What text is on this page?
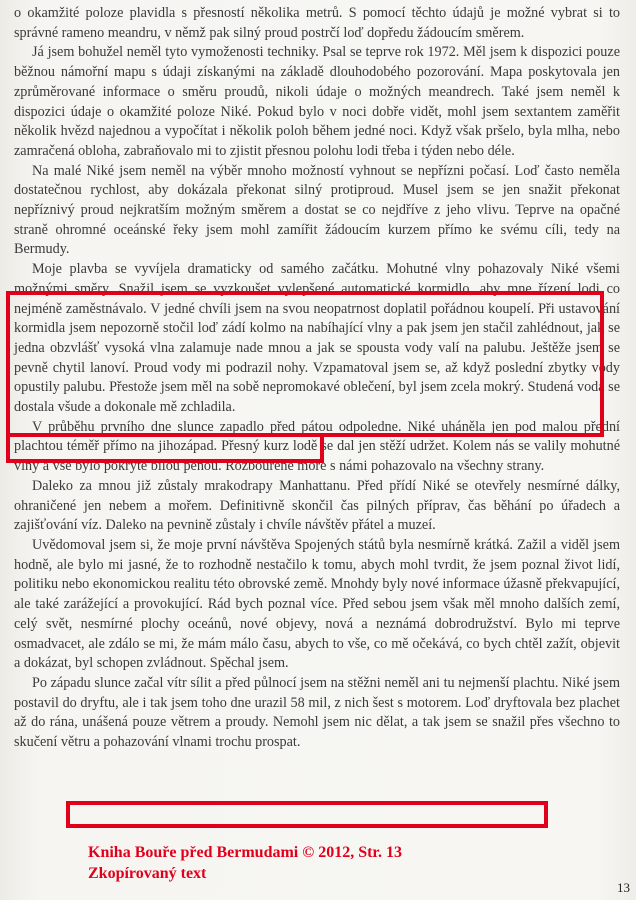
o okamžité poloze plavidla s přesností několika metrů. S pomocí těchto údajů je možné vybrat si to správné rameno meandru, v němž pak silný proud postrčí loď dopředu žádoucím směrem.

Já jsem bohužel neměl tyto vymoženosti techniky. Psal se teprve rok 1972. Měl jsem k dispozici pouze běžnou námořní mapu s údaji získanými na základě dlouhodobého pozorování. Mapa poskytovala jen zprůměrované informace o směru proudů, nikoli údaje o možných meandrech. Také jsem neměl k dispozici údaje o okamžité poloze Niké. Pokud bylo v noci dobře vidět, mohl jsem sextantem zaměřit několik hvězd najednou a vypočítat i několik poloh během jedné noci. Když však pršelo, byla mlha, nebo zamračená obloha, zabraňovalo mi to zjistit přesnou polohu lodi třeba i týden nebo déle.

Na malé Niké jsem neměl na výběr mnoho možností vyhnout se nepřízni počasí. Loď často neměla dostatečnou rychlost, aby dokázala překonat silný protiproud. Musel jsem se jen snažit překonat nepříznivý proud nejkratším možným směrem a dostat se co nejdříve z jeho vlivu. Teprve na opačné straně ohromné oceánské řeky jsem mohl zamířit žádoucím kurzem přímo ke svému cíli, tedy na Bermudy.

Moje plavba se vyvíjela dramaticky od samého začátku. Mohutné vlny pohazovaly Niké všemi možnými směry. Snažil jsem se vyzkoušet vylepšené automatické kormidlo, aby mne řízení lodi co nejméně zaměstnávalo. V jedné chvíli jsem na svou neopatrnost doplatil pořádnou koupelí. Při ustavování kormidla jsem nepozorně stočil loď zádí kolmo na nabíhající vlny a pak jsem jen stačil zahlédnout, jak se jedna obzvlášť vysoká vlna zalamuje nade mnou a jak se spousta vody valí na palubu. Ještěže jsem se pevně chytil lanoví. Proud vody mi podrazil nohy. Vzpamatoval jsem se, až když poslední zbytky vody opustily palubu. Přestože jsem měl na sobě nepromokavé oblečení, byl jsem zcela mokrý. Studená voda se dostala všude a dokonale mě zchladila.

V průběhu prvního dne slunce zapadlo před pátou odpoledne. Niké uháněla jen pod malou přední plachtou téměř přímo na jihozápad. Přesný kurz lodě se dal jen stěží udržet. Kolem nás se valily mohutné vlny a vše bylo pokryté bílou pěnou. Rozbouřené moře s námi pohazovalo na všechny strany.

Daleko za mnou již zůstaly mrakodrapy Manhattanu. Před přídí Niké se otevřely nesmírné dálky, ohraničené jen nebem a mořem. Definitivně skončil čas pilných příprav, čas běhání po úřadech a zajišťování víz. Daleko na pevnině zůstaly i chvíle návštěv přátel a muzeí.

Uvědomoval jsem si, že moje první návštěva Spojených států byla nesmírně krátká. Zažil a viděl jsem hodně, ale bylo mi jasné, že to rozhodně nestačilo k tomu, abych mohl tvrdit, že jsem poznal život lidí, politiku nebo ekonomickou realitu této obrovské země. Mnohdy byly nové informace úžasně překvapující, ale také zarážející a provokující. Rád bych poznal více. Před sebou jsem však měl mnoho dalších zemí, celý svět, nesmírné plochy oceánů, nové objevy, nová a neznámá dobrodružství. Bylo mi teprve osmadvacet, ale zdálo se mi, že mám málo času, abych to vše, co mě očekává, co bych chtěl zažít, objevit a dokázat, byl schopen zvládnout. Spěchal jsem.

Po západu slunce začal vítr sílit a před půlnocí jsem na stěžni neměl ani tu nejmenší plachtu. Niké jsem postavil do dryftu, ale i tak jsem toho dne urazil 58 mil, z nich šest s motorem. Loď dryftovala bez plachet až do rána, unášená pouze větrem a proudy. Nemohl jsem nic dělat, a tak jsem se snažil přes všechno to skučení větru a pohazování vlnami trochu prospat.

Kniha Bouře před Bermudami © 2012, Str. 13
Zkopírovaný text
13
